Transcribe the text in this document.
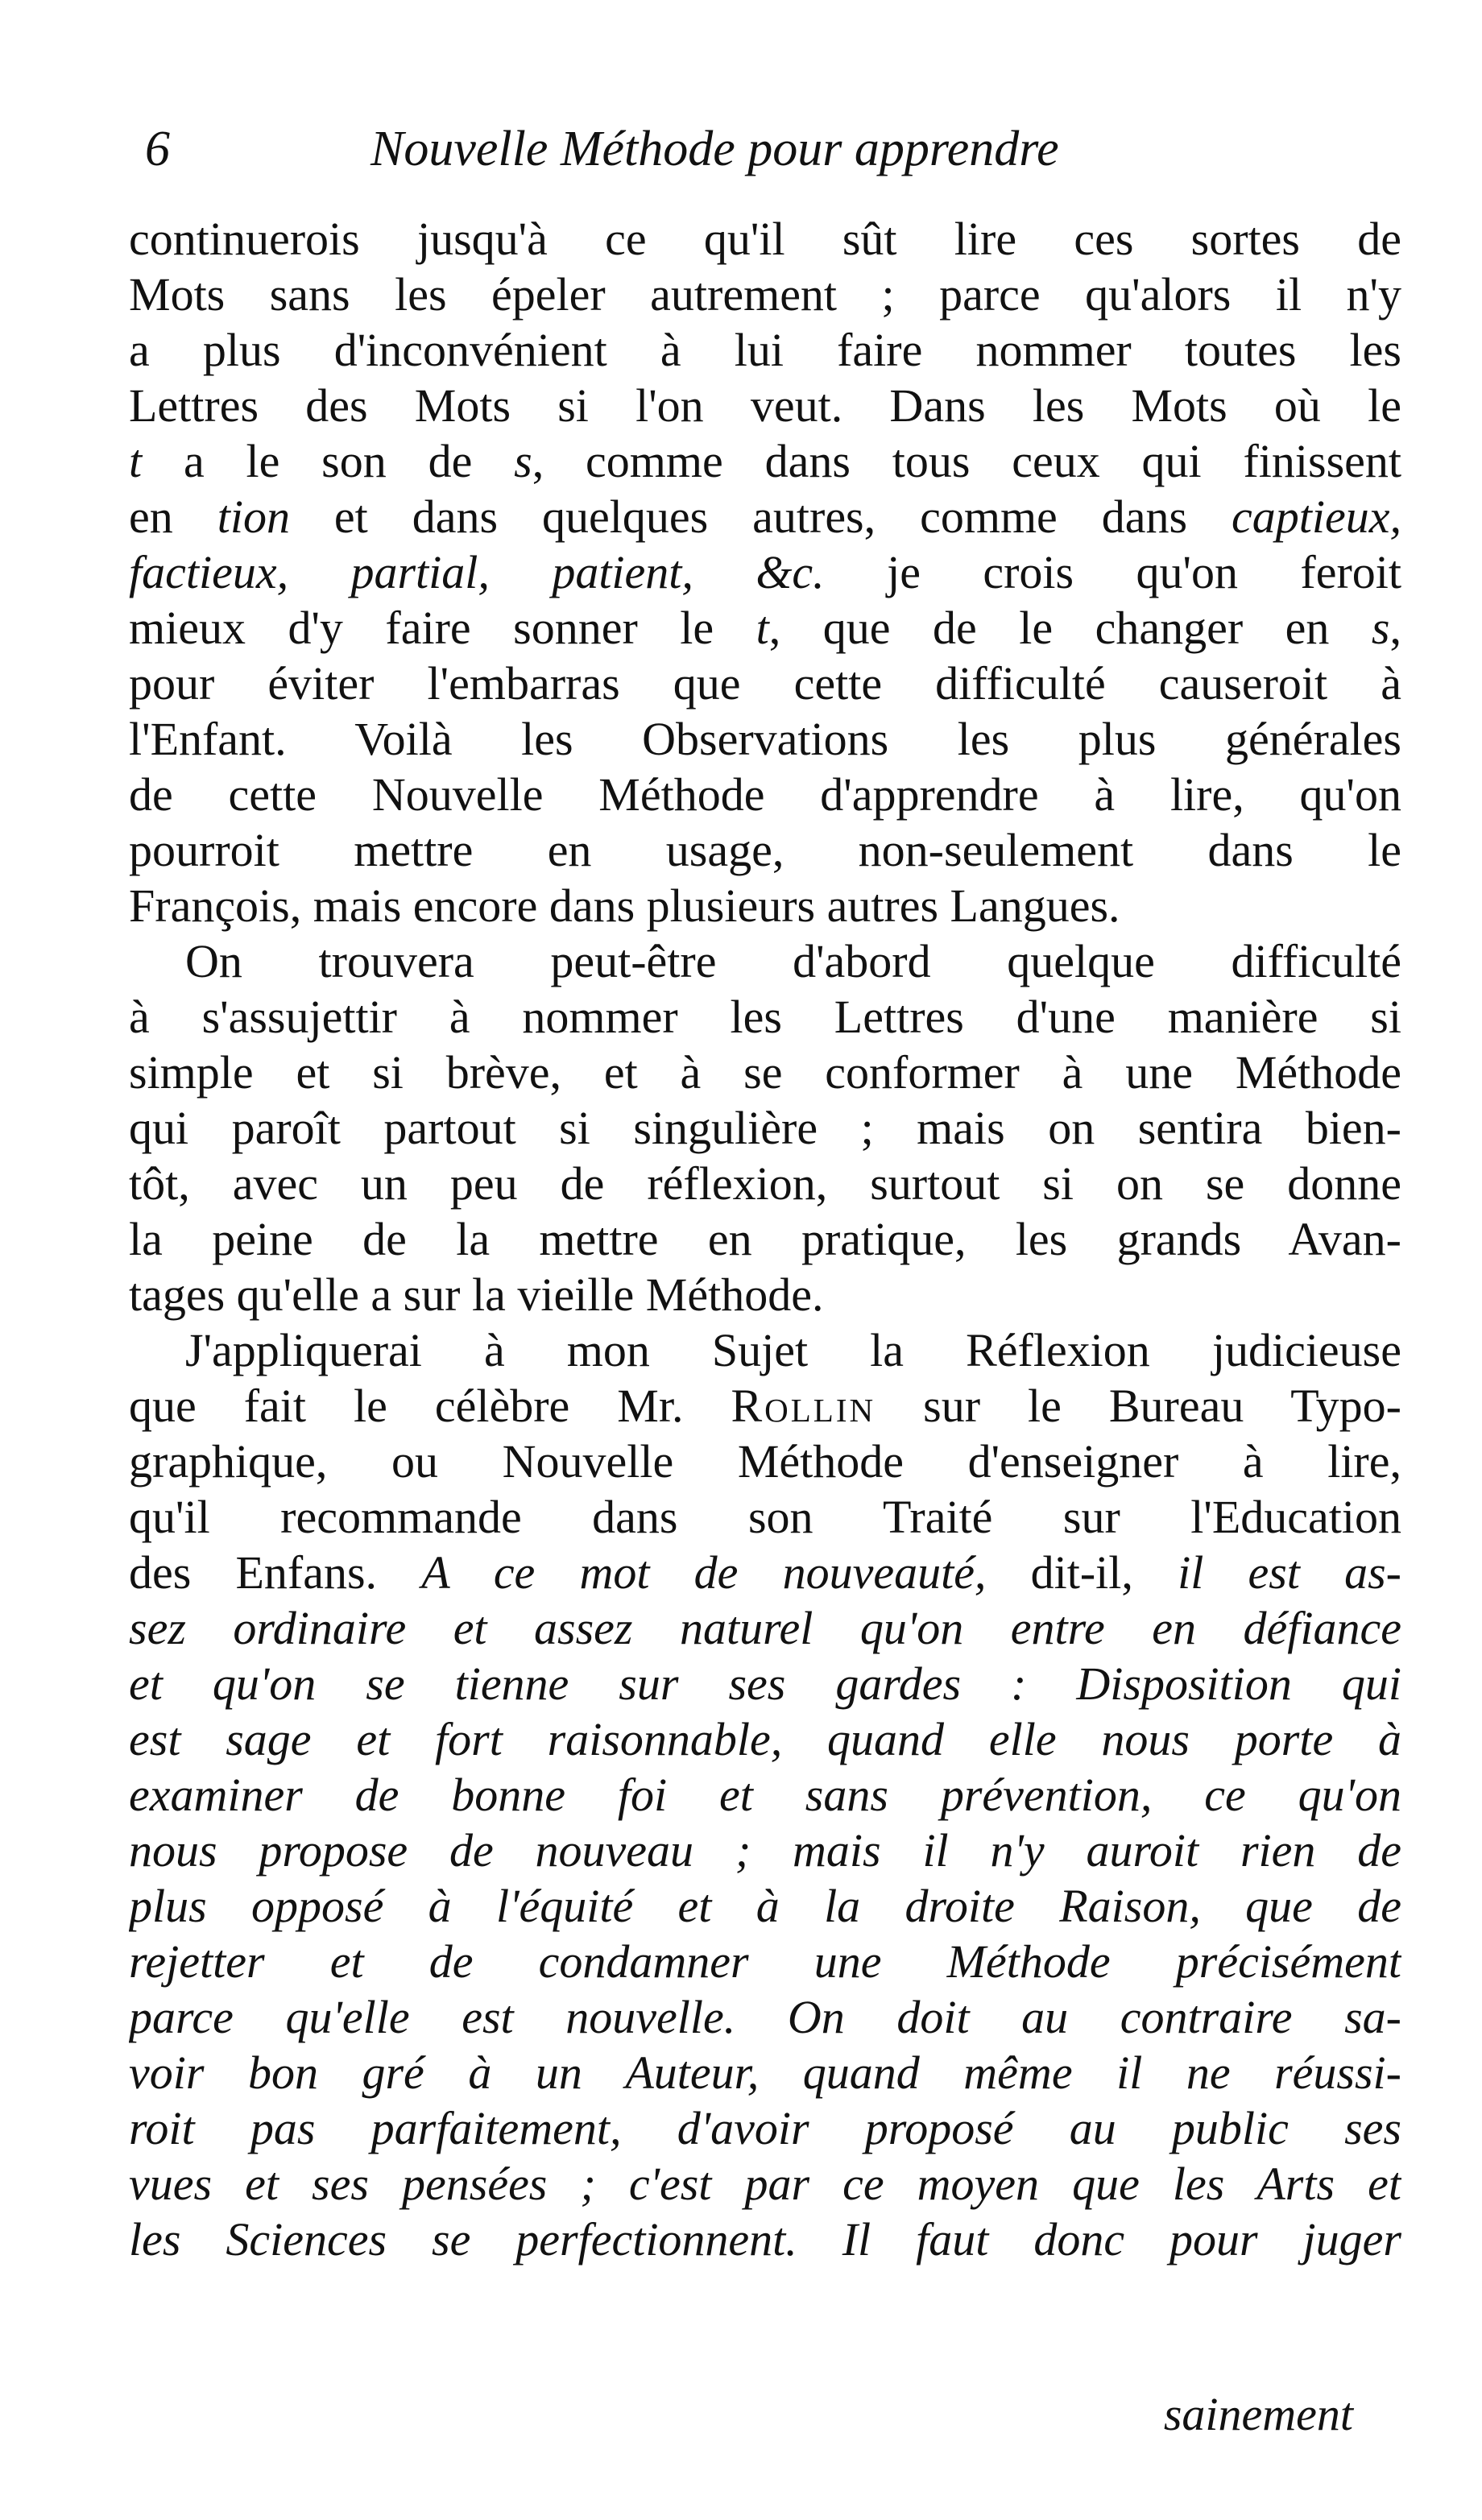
6	Nouvelle Méthode pour apprendre
continuerois jusqu'à ce qu'il sût lire ces sortes de
Mots sans les épeler autrement ; parce qu'alors il n'y
a plus d'inconvénient à lui faire nommer toutes les
Lettres des Mots si l'on veut. Dans les Mots où le
t a le son de s, comme dans tous ceux qui finissent
en tion et dans quelques autres, comme dans captieux,
factieux, partial, patient, &c. je crois qu'on feroit
mieux d'y faire sonner le t, que de le changer en s,
pour éviter l'embarras que cette difficulté causeroit à
l'Enfant. Voilà les Observations les plus générales
de cette Nouvelle Méthode d'apprendre à lire, qu'on
pourroit mettre en usage, non-seulement dans le
François, mais encore dans plusieurs autres Langues.
On trouvera peut-être d'abord quelque difficulté
à s'assujettir à nommer les Lettres d'une manière si
simple et si brève, et à se conformer à une Méthode
qui paroît partout si singulière ; mais on sentira bien-
tôt, avec un peu de réflexion, surtout si on se donne
la peine de la mettre en pratique, les grands Avan-
tages qu'elle a sur la vieille Méthode.
J'appliquerai à mon Sujet la Réflexion judicieuse
que fait le célèbre Mr. Rollin sur le Bureau Typo-
graphique, ou Nouvelle Méthode d'enseigner à lire,
qu'il recommande dans son Traité sur l'Education
des Enfans. A ce mot de nouveauté, dit-il, il est as-
sez ordinaire et assez naturel qu'on entre en défiance
et qu'on se tienne sur ses gardes : Disposition qui
est sage et fort raisonnable, quand elle nous porte à
examiner de bonne foi et sans prévention, ce qu'on
nous propose de nouveau ; mais il n'y auroit rien de
plus opposé à l'équité et à la droite Raison, que de
rejetter et de condamner une Méthode précisément
parce qu'elle est nouvelle. On doit au contraire sa-
voir bon gré à un Auteur, quand même il ne réussi-
roit pas parfaitement, d'avoir proposé au public ses
vues et ses pensées ; c'est par ce moyen que les Arts et
les Sciences se perfectionnent. Il faut donc pour juger
sainement
